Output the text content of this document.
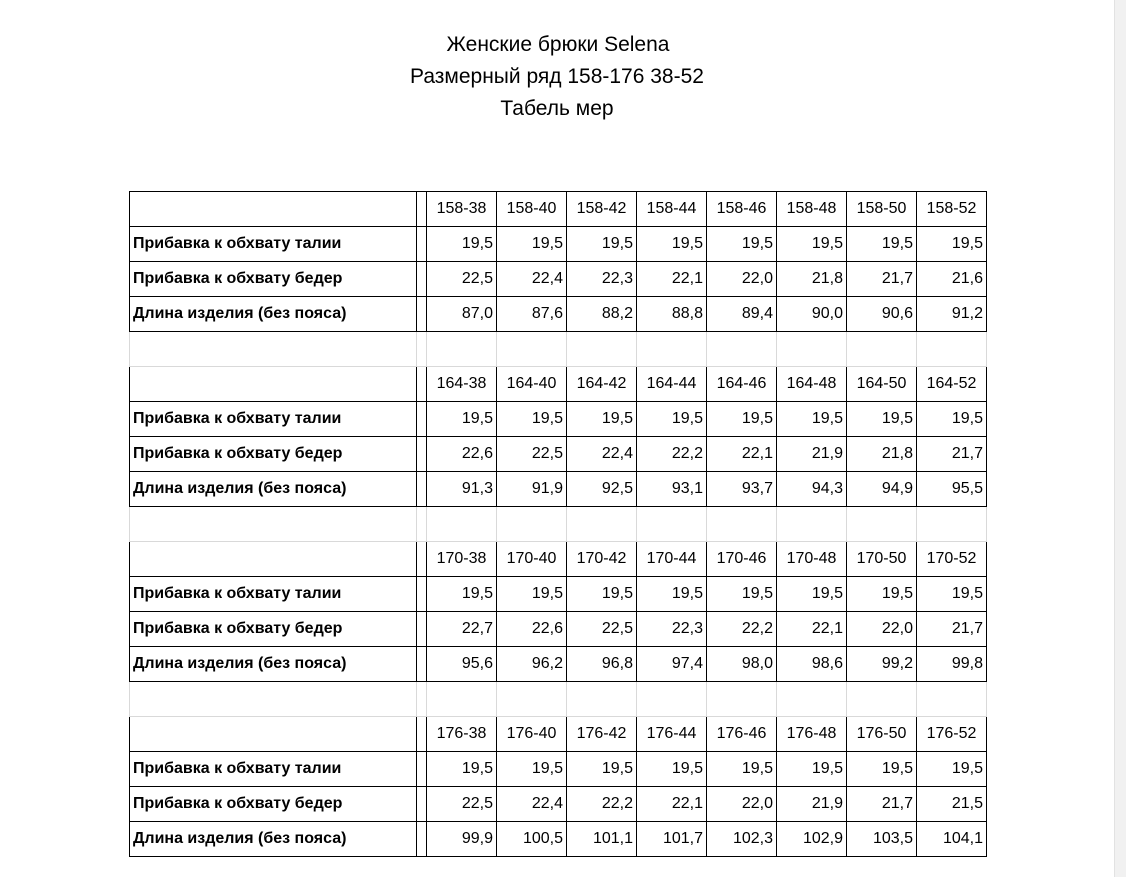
Женские брюки Selena
Размерный ряд 158-176 38-52
Табель мер
		158-38	158-40	158-42	158-44	158-46	158-48	158-50	158-52
Прибавка к обхвату талии		19,5	19,5	19,5	19,5	19,5	19,5	19,5	19,5
Прибавка к обхвату бедер		22,5	22,4	22,3	22,1	22,0	21,8	21,7	21,6
Длина изделия (без пояса)		87,0	87,6	88,2	88,8	89,4	90,0	90,6	91,2

		164-38	164-40	164-42	164-44	164-46	164-48	164-50	164-52
Прибавка к обхвату талии		19,5	19,5	19,5	19,5	19,5	19,5	19,5	19,5
Прибавка к обхвату бедер		22,6	22,5	22,4	22,2	22,1	21,9	21,8	21,7
Длина изделия (без пояса)		91,3	91,9	92,5	93,1	93,7	94,3	94,9	95,5

		170-38	170-40	170-42	170-44	170-46	170-48	170-50	170-52
Прибавка к обхвату талии		19,5	19,5	19,5	19,5	19,5	19,5	19,5	19,5
Прибавка к обхвату бедер		22,7	22,6	22,5	22,3	22,2	22,1	22,0	21,7
Длина изделия (без пояса)		95,6	96,2	96,8	97,4	98,0	98,6	99,2	99,8

		176-38	176-40	176-42	176-44	176-46	176-48	176-50	176-52
Прибавка к обхвату талии		19,5	19,5	19,5	19,5	19,5	19,5	19,5	19,5
Прибавка к обхвату бедер		22,5	22,4	22,2	22,1	22,0	21,9	21,7	21,5
Длина изделия (без пояса)		99,9	100,5	101,1	101,7	102,3	102,9	103,5	104,1
